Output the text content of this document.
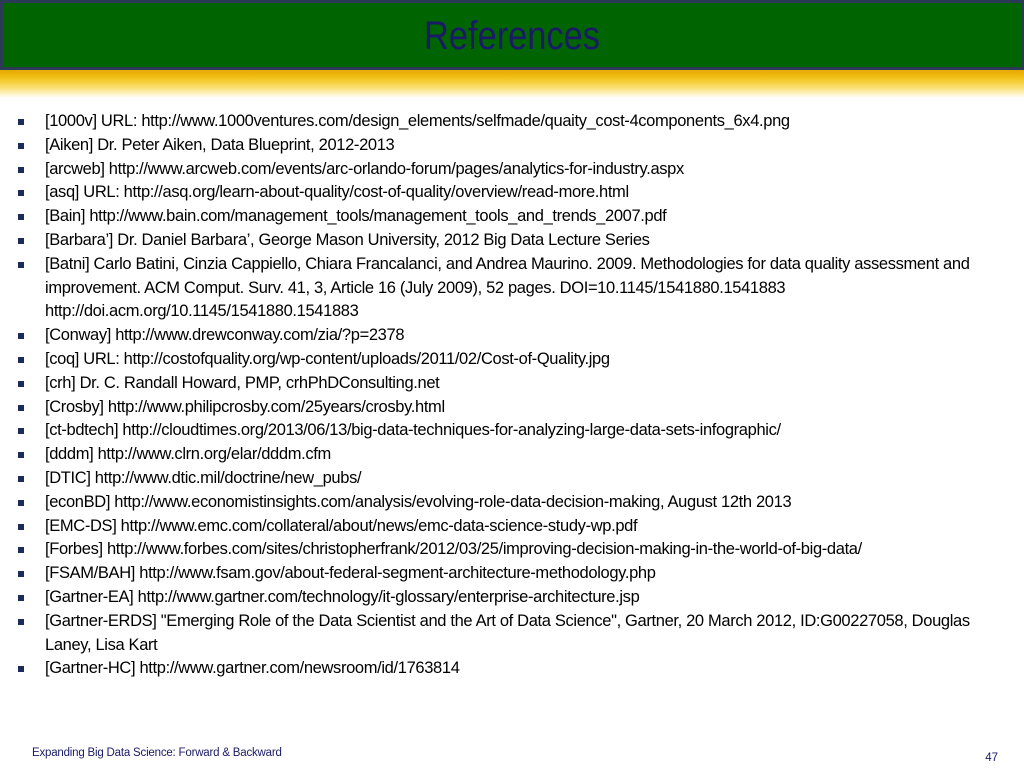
References
[1000v] URL: http://www.1000ventures.com/design_elements/selfmade/quaity_cost-4components_6x4.png
[Aiken] Dr. Peter Aiken, Data Blueprint, 2012-2013
[arcweb] http://www.arcweb.com/events/arc-orlando-forum/pages/analytics-for-industry.aspx
[asq] URL: http://asq.org/learn-about-quality/cost-of-quality/overview/read-more.html
[Bain] http://www.bain.com/management_tools/management_tools_and_trends_2007.pdf
[Barbara’] Dr. Daniel Barbara’, George Mason University, 2012 Big Data Lecture Series
[Batni] Carlo Batini, Cinzia Cappiello, Chiara Francalanci, and Andrea Maurino. 2009. Methodologies for data quality assessment and improvement. ACM Comput. Surv. 41, 3, Article 16 (July 2009), 52 pages. DOI=10.1145/1541880.1541883 http://doi.acm.org/10.1145/1541880.1541883
[Conway] http://www.drewconway.com/zia/?p=2378
[coq] URL: http://costofquality.org/wp-content/uploads/2011/02/Cost-of-Quality.jpg
[crh] Dr. C. Randall Howard, PMP, crhPhDConsulting.net
[Crosby] http://www.philipcrosby.com/25years/crosby.html
[ct-bdtech] http://cloudtimes.org/2013/06/13/big-data-techniques-for-analyzing-large-data-sets-infographic/
[dddm] http://www.clrn.org/elar/dddm.cfm
[DTIC] http://www.dtic.mil/doctrine/new_pubs/
[econBD] http://www.economistinsights.com/analysis/evolving-role-data-decision-making, August 12th 2013
[EMC-DS] http://www.emc.com/collateral/about/news/emc-data-science-study-wp.pdf
[Forbes] http://www.forbes.com/sites/christopherfrank/2012/03/25/improving-decision-making-in-the-world-of-big-data/
[FSAM/BAH] http://www.fsam.gov/about-federal-segment-architecture-methodology.php
[Gartner-EA] http://www.gartner.com/technology/it-glossary/enterprise-architecture.jsp
[Gartner-ERDS] "Emerging Role of the Data Scientist and the Art of Data Science", Gartner, 20 March 2012, ID:G00227058, Douglas Laney, Lisa Kart
[Gartner-HC] http://www.gartner.com/newsroom/id/1763814
Expanding Big Data Science: Forward & Backward	47
